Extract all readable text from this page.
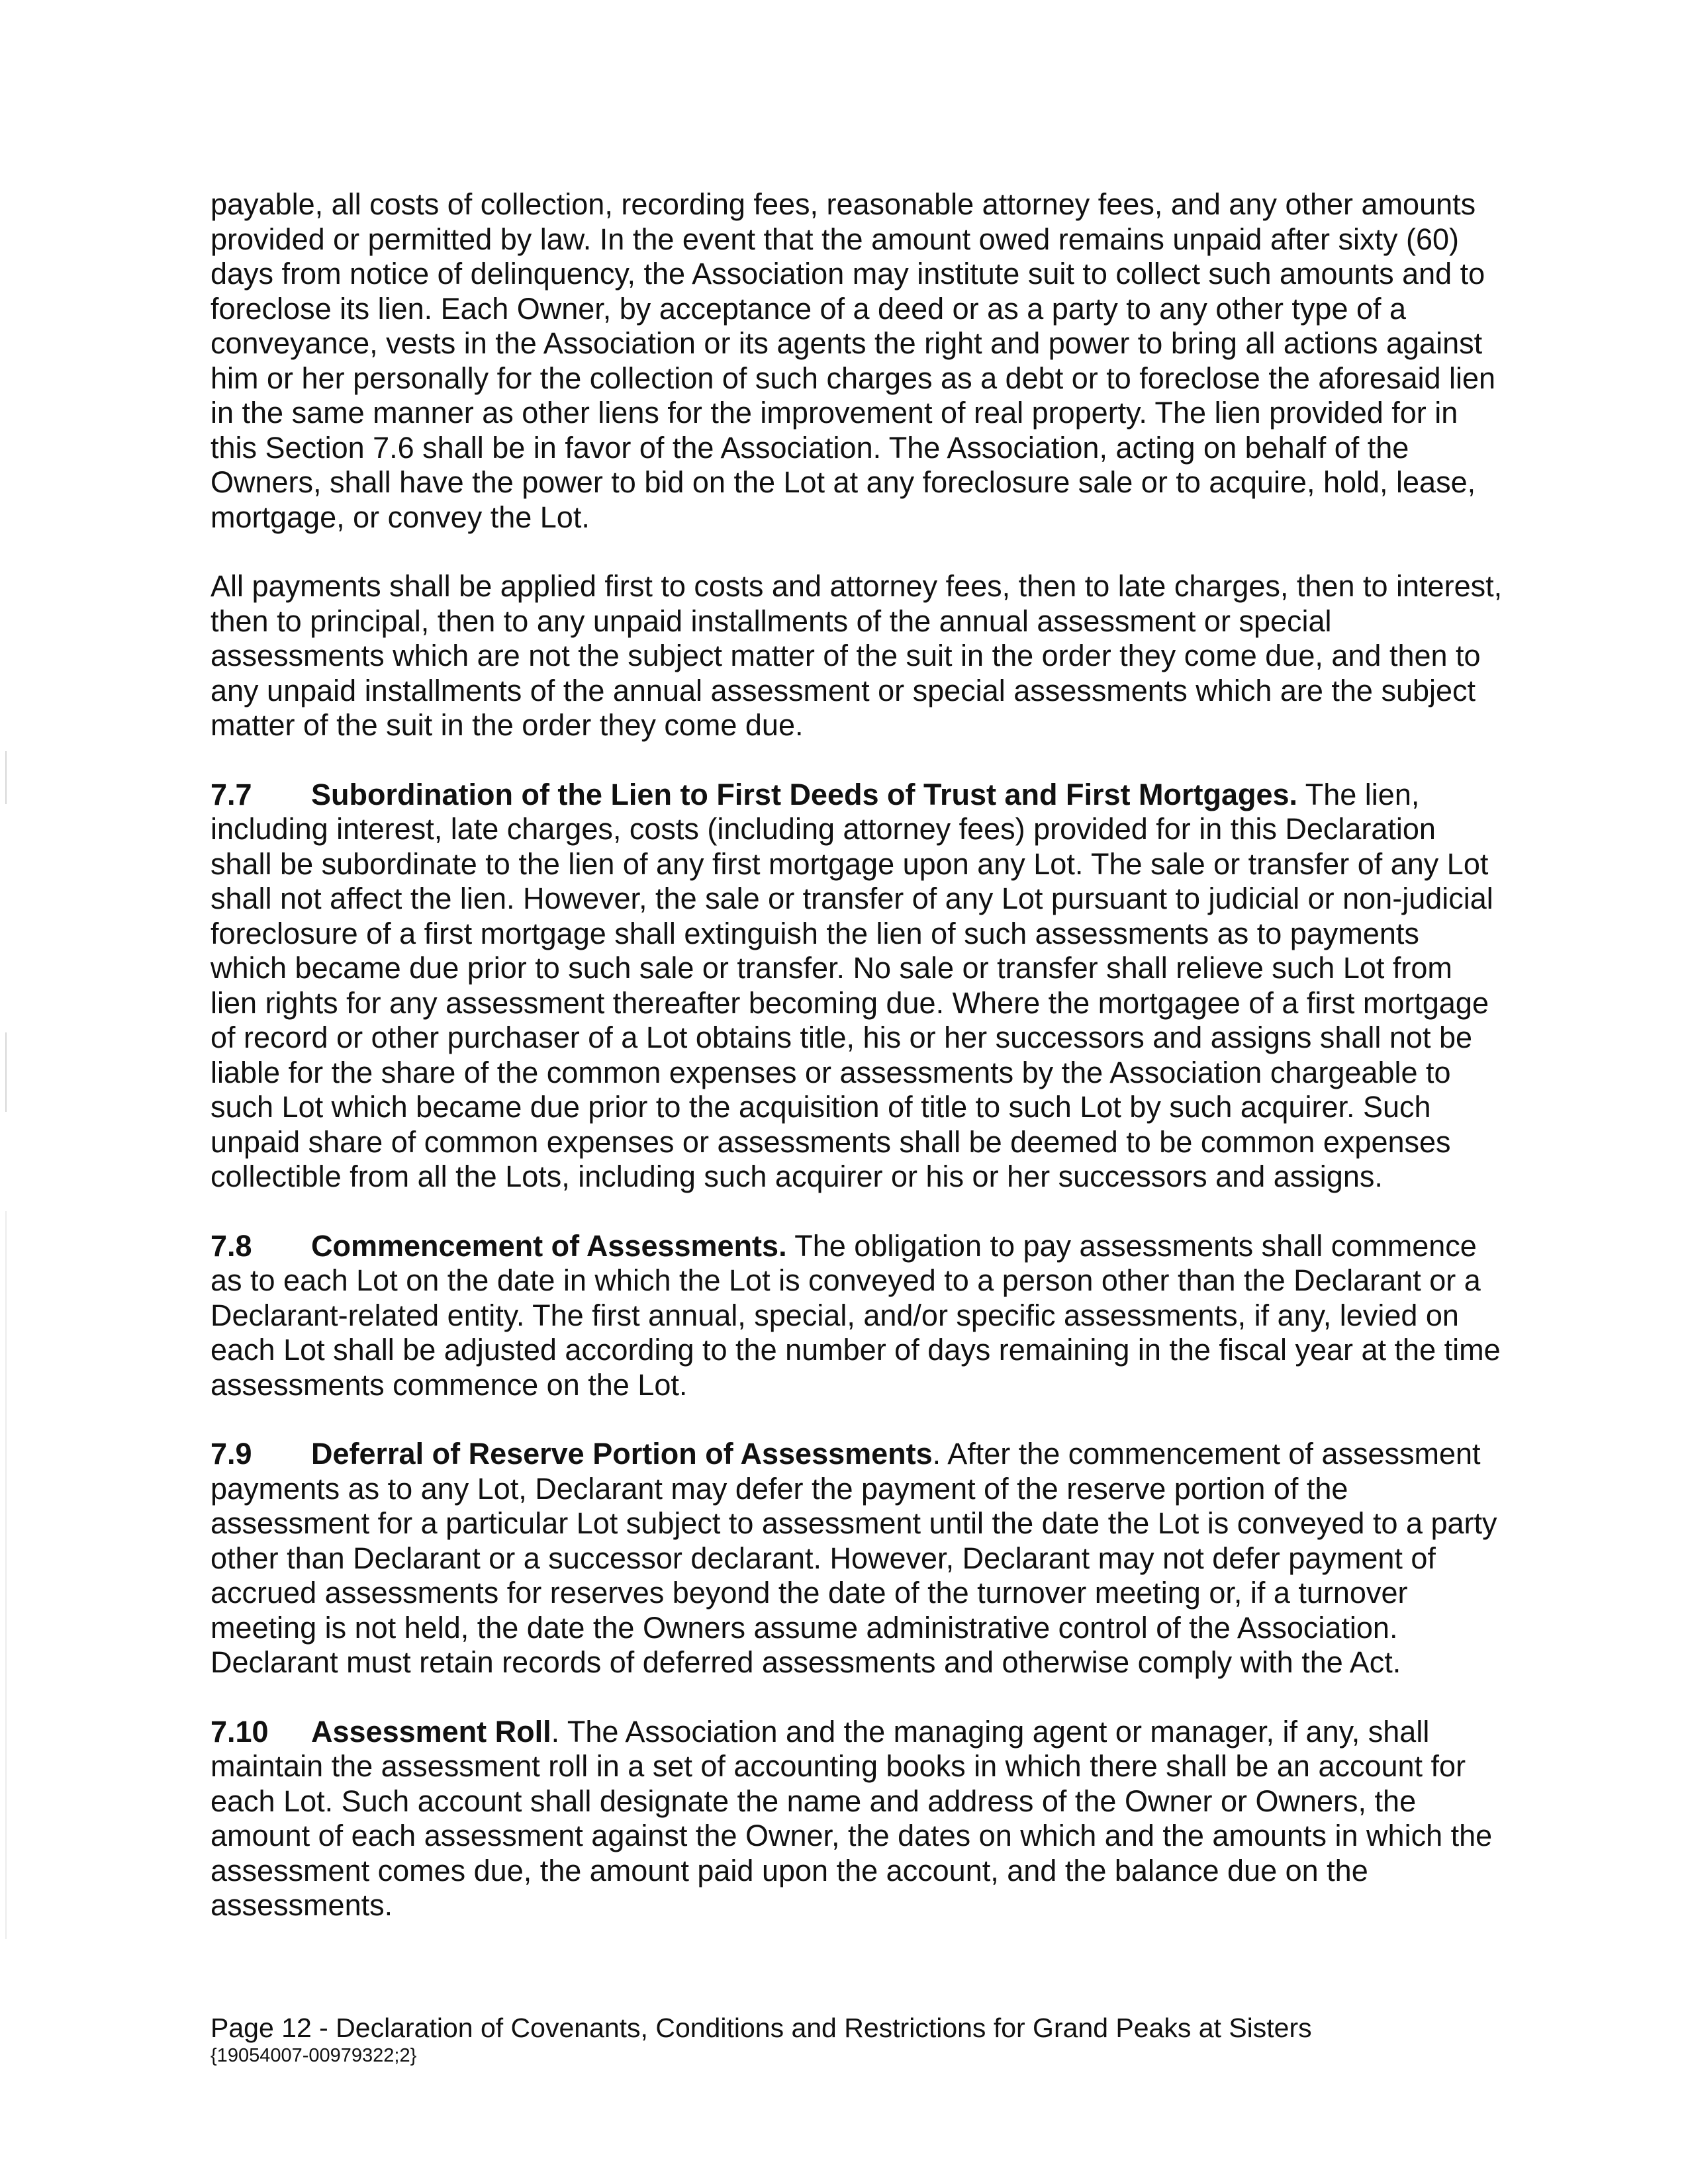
payable, all costs of collection, recording fees, reasonable attorney fees, and any other amounts provided or permitted by law. In the event that the amount owed remains unpaid after sixty (60) days from notice of delinquency, the Association may institute suit to collect such amounts and to foreclose its lien. Each Owner, by acceptance of a deed or as a party to any other type of a conveyance, vests in the Association or its agents the right and power to bring all actions against him or her personally for the collection of such charges as a debt or to foreclose the aforesaid lien in the same manner as other liens for the improvement of real property. The lien provided for in this Section 7.6 shall be in favor of the Association. The Association, acting on behalf of the Owners, shall have the power to bid on the Lot at any foreclosure sale or to acquire, hold, lease, mortgage, or convey the Lot.

All payments shall be applied first to costs and attorney fees, then to late charges, then to interest, then to principal, then to any unpaid installments of the annual assessment or special assessments which are not the subject matter of the suit in the order they come due, and then to any unpaid installments of the annual assessment or special assessments which are the subject matter of the suit in the order they come due.

7.7 Subordination of the Lien to First Deeds of Trust and First Mortgages. The lien, including interest, late charges, costs (including attorney fees) provided for in this Declaration shall be subordinate to the lien of any first mortgage upon any Lot. The sale or transfer of any Lot shall not affect the lien. However, the sale or transfer of any Lot pursuant to judicial or non-judicial foreclosure of a first mortgage shall extinguish the lien of such assessments as to payments which became due prior to such sale or transfer. No sale or transfer shall relieve such Lot from lien rights for any assessment thereafter becoming due. Where the mortgagee of a first mortgage of record or other purchaser of a Lot obtains title, his or her successors and assigns shall not be liable for the share of the common expenses or assessments by the Association chargeable to such Lot which became due prior to the acquisition of title to such Lot by such acquirer. Such unpaid share of common expenses or assessments shall be deemed to be common expenses collectible from all the Lots, including such acquirer or his or her successors and assigns.

7.8 Commencement of Assessments. The obligation to pay assessments shall commence as to each Lot on the date in which the Lot is conveyed to a person other than the Declarant or a Declarant-related entity. The first annual, special, and/or specific assessments, if any, levied on each Lot shall be adjusted according to the number of days remaining in the fiscal year at the time assessments commence on the Lot.

7.9 Deferral of Reserve Portion of Assessments. After the commencement of assessment payments as to any Lot, Declarant may defer the payment of the reserve portion of the assessment for a particular Lot subject to assessment until the date the Lot is conveyed to a party other than Declarant or a successor declarant. However, Declarant may not defer payment of accrued assessments for reserves beyond the date of the turnover meeting or, if a turnover meeting is not held, the date the Owners assume administrative control of the Association. Declarant must retain records of deferred assessments and otherwise comply with the Act.

7.10 Assessment Roll. The Association and the managing agent or manager, if any, shall maintain the assessment roll in a set of accounting books in which there shall be an account for each Lot. Such account shall designate the name and address of the Owner or Owners, the amount of each assessment against the Owner, the dates on which and the amounts in which the assessment comes due, the amount paid upon the account, and the balance due on the assessments.

Page 12 - Declaration of Covenants, Conditions and Restrictions for Grand Peaks at Sisters
{19054007-00979322;2}
